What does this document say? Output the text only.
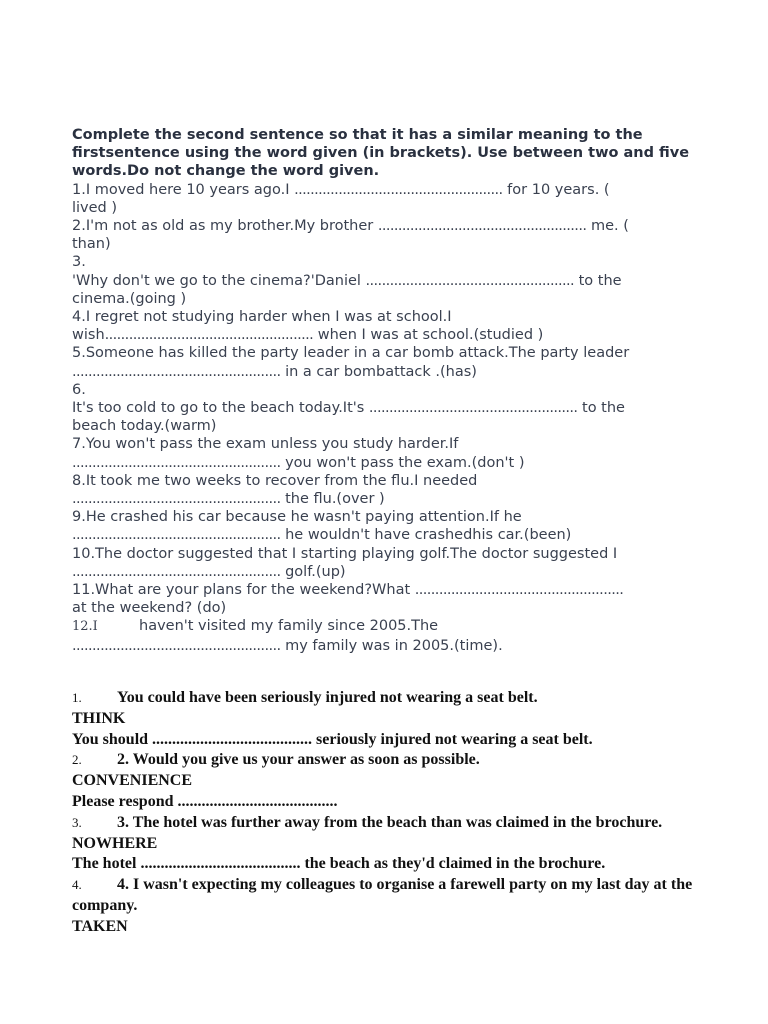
Complete the second sentence so that it has a similar meaning to the firstsentence using the word given (in brackets). Use between two and five words.Do not change the word given.

1.I moved here 10 years ago.I .................................................... for 10 years. (

lived )

2.I'm not as old as my brother.My brother .................................................... me. (

than)

3.

'Why don't we go to the cinema?'Daniel .................................................... to the

cinema.(going )

4.I regret not studying harder when I was at school.I

wish.................................................... when I was at school.(studied )

5.Someone has killed the party leader in a car bomb attack.The party leader

.................................................... in a car bombattack .(has)

6.

It's too cold to go to the beach today.It's .................................................... to the

beach today.(warm)

7.You won't pass the exam unless you study harder.If

.................................................... you won't pass the exam.(don't )

8.It took me two weeks to recover from the flu.I needed

.................................................... the flu.(over )

9.He crashed his car because he wasn't paying attention.If he

.................................................... he wouldn't have crashedhis car.(been)

10.The doctor suggested that I starting playing golf.The doctor suggested I

.................................................... golf.(up)

11.What are your plans for the weekend?What ....................................................

at the weekend? (do)

12.I	haven't visited my family since 2005.The

.................................................... my family was in 2005.(time).

1. You could have been seriously injured not wearing a seat belt.

THINK

You should ........................................ seriously injured not wearing a seat belt.

2. 2. Would you give us your answer as soon as possible.

CONVENIENCE

Please respond ........................................

3. 3. The hotel was further away from the beach than was claimed in the brochure.

NOWHERE

The hotel ........................................ the beach as they'd claimed in the brochure.

4. 4. I wasn't expecting my colleagues to organise a farewell party on my last day at the company.

TAKEN
